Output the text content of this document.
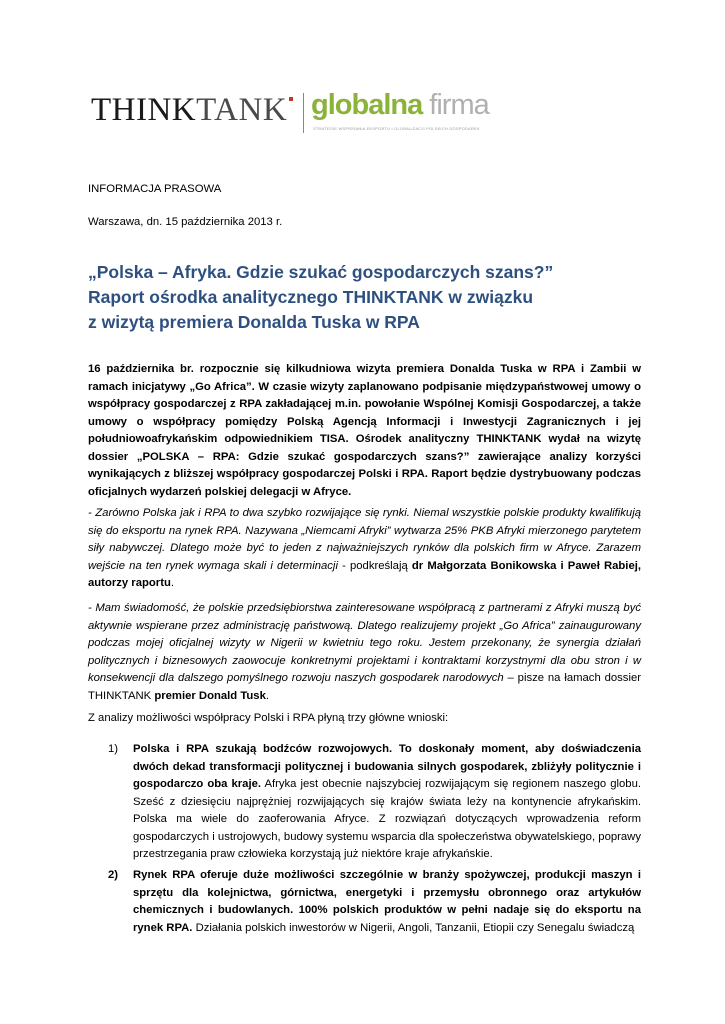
THINKTANK globalna firma
STRATEGIE WSPIERANIA EKSPORTU I GLOBALIZACJI POLSKICH GOSPODAREK
INFORMACJA PRASOWA
Warszawa, dn. 15 października 2013 r.
„Polska – Afryka. Gdzie szukać gospodarczych szans?”
Raport ośrodka analitycznego THINKTANK w związku
z wizytą premiera Donalda Tuska w RPA
16 października br. rozpocznie się kilkudniowa wizyta premiera Donalda Tuska w RPA i Zambii w ramach inicjatywy „Go Africa”. W czasie wizyty zaplanowano podpisanie międzypaństwowej umowy o współpracy gospodarczej z RPA zakładającej m.in. powołanie Wspólnej Komisji Gospodarczej, a także umowy o współpracy pomiędzy Polską Agencją Informacji i Inwestycji Zagranicznych i jej południowoafrykańskim odpowiednikiem TISA. Ośrodek analityczny THINKTANK wydał na wizytę dossier „POLSKA – RPA: Gdzie szukać gospodarczych szans?” zawierające analizy korzyści wynikających z bliższej współpracy gospodarczej Polski i RPA. Raport będzie dystrybuowany podczas oficjalnych wydarzeń polskiej delegacji w Afryce.
- Zarówno Polska jak i RPA to dwa szybko rozwijające się rynki. Niemal wszystkie polskie produkty kwalifikują się do eksportu na rynek RPA. Nazywana „Niemcami Afryki” wytwarza 25% PKB Afryki mierzonego parytetem siły nabywczej. Dlatego może być to jeden z najważniejszych rynków dla polskich firm w Afryce. Zarazem wejście na ten rynek wymaga skali i determinacji - podkreślają dr Małgorzata Bonikowska i Paweł Rabiej, autorzy raportu.
- Mam świadomość, że polskie przedsiębiorstwa zainteresowane współpracą z partnerami z Afryki muszą być aktywnie wspierane przez administrację państwową. Dlatego realizujemy projekt „Go Africa” zainaugurowany podczas mojej oficjalnej wizyty w Nigerii w kwietniu tego roku. Jestem przekonany, że synergia działań politycznych i biznesowych zaowocuje konkretnymi projektami i kontraktami korzystnymi dla obu stron i w konsekwencji dla dalszego pomyślnego rozwoju naszych gospodarek narodowych – pisze na łamach dossier THINKTANK premier Donald Tusk.
Z analizy możliwości współpracy Polski i RPA płyną trzy główne wnioski:
1) Polska i RPA szukają bodźców rozwojowych. To doskonały moment, aby doświadczenia dwóch dekad transformacji politycznej i budowania silnych gospodarek, zbliżyły politycznie i gospodarczo oba kraje. Afryka jest obecnie najszybciej rozwijającym się regionem naszego globu. Sześć z dziesięciu najprężniej rozwijających się krajów świata leży na kontynencie afrykańskim. Polska ma wiele do zaoferowania Afryce. Z rozwiązań dotyczących wprowadzenia reform gospodarczych i ustrojowych, budowy systemu wsparcia dla społeczeństwa obywatelskiego, poprawy przestrzegania praw człowieka korzystają już niektóre kraje afrykańskie.
2) Rynek RPA oferuje duże możliwości szczególnie w branży spożywczej, produkcji maszyn i sprzętu dla kolejnictwa, górnictwa, energetyki i przemysłu obronnego oraz artykułów chemicznych i budowlanych. 100% polskich produktów w pełni nadaje się do eksportu na rynek RPA. Działania polskich inwestorów w Nigerii, Angoli, Tanzanii, Etiopii czy Senegalu świadczą
